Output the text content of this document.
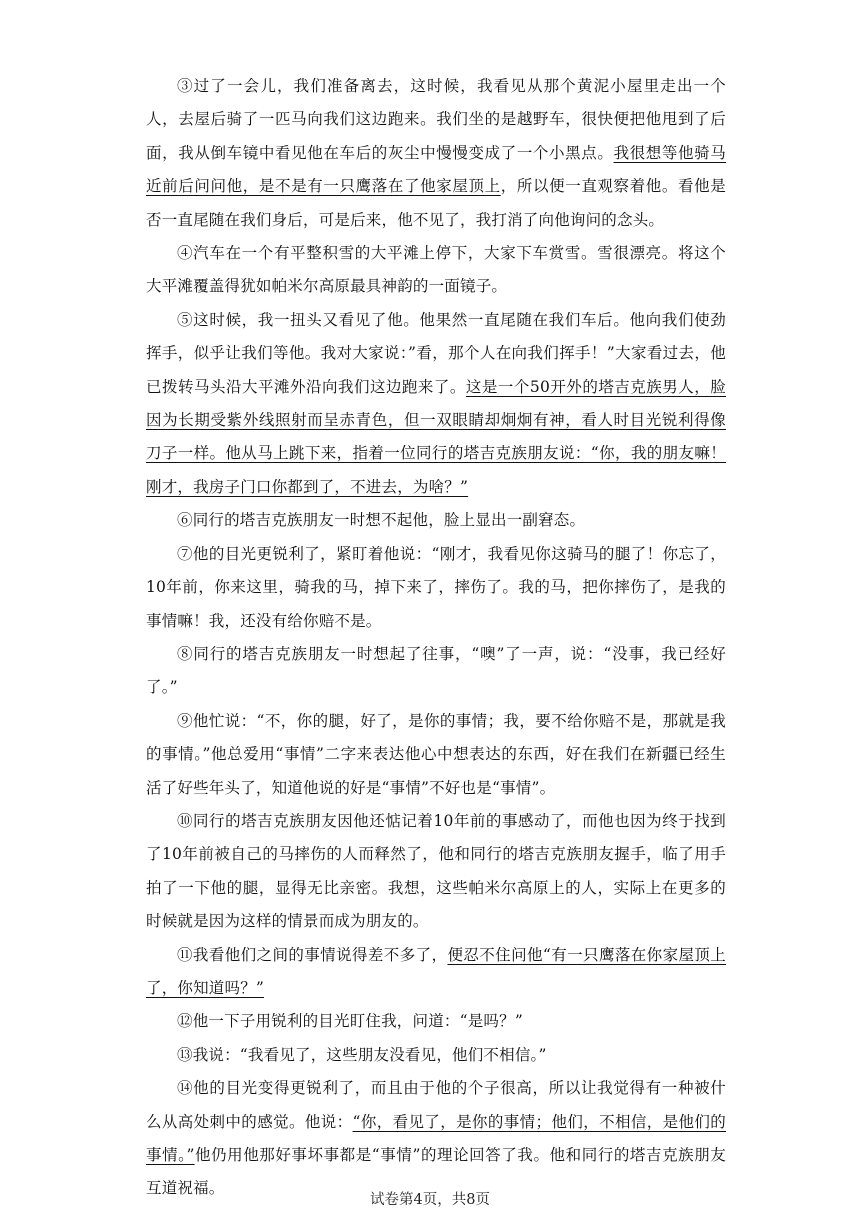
③过了一会儿，我们准备离去，这时候，我看见从那个黄泥小屋里走出一个人，去屋后骑了一匹马向我们这边跑来。我们坐的是越野车，很快便把他甩到了后面，我从倒车镜中看见他在车后的灰尘中慢慢变成了一个小黑点。我很想等他骑马近前后问问他，是不是有一只鹰落在了他家屋顶上，所以便一直观察着他。看他是否一直尾随在我们身后，可是后来，他不见了，我打消了向他询问的念头。

④汽车在一个有平整积雪的大平滩上停下，大家下车赏雪。雪很漂亮。将这个大平滩覆盖得犹如帕米尔高原最具神韵的一面镜子。

⑤这时候，我一扭头又看见了他。他果然一直尾随在我们车后。他向我们使劲挥手，似乎让我们等他。我对大家说：”看，那个人在向我们挥手！”大家看过去，他已拨转马头沿大平滩外沿向我们这边跑来了。这是一个50开外的塔吉克族男人，脸因为长期受紫外线照射而呈赤青色，但一双眼睛却炯炯有神，看人时目光锐利得像刀子一样。他从马上跳下来，指着一位同行的塔吉克族朋友说：“你，我的朋友嘛！刚才，我房子门口你都到了，不进去，为啥？”

⑥同行的塔吉克族朋友一时想不起他，脸上显出一副窘态。

⑦他的目光更锐利了，紧盯着他说：“刚才，我看见你这骑马的腿了！你忘了，10年前，你来这里，骑我的马，掉下来了，摔伤了。我的马，把你摔伤了，是我的事情嘛！我，还没有给你赔不是。

⑧同行的塔吉克族朋友一时想起了往事，“噢”了一声，说：“没事，我已经好了。”

⑨他忙说：“不，你的腿，好了，是你的事情；我，要不给你赔不是，那就是我的事情。”他总爱用“事情”二字来表达他心中想表达的东西，好在我们在新疆已经生活了好些年头了，知道他说的好是“事情”不好也是“事情”。

⑩同行的塔吉克族朋友因他还惦记着10年前的事感动了，而他也因为终于找到了10年前被自己的马摔伤的人而释然了，他和同行的塔吉克族朋友握手，临了用手拍了一下他的腿，显得无比亲密。我想，这些帕米尔高原上的人，实际上在更多的时候就是因为这样的情景而成为朋友的。

⑪我看他们之间的事情说得差不多了，便忍不住问他“有一只鹰落在你家屋顶上了，你知道吗？”

⑫他一下子用锐利的目光盯住我，问道：“是吗？”

⑬我说：“我看见了，这些朋友没看见，他们不相信。”

⑭他的目光变得更锐利了，而且由于他的个子很高，所以让我觉得有一种被什么从高处刺中的感觉。他说：“你，看见了，是你的事情；他们，不相信，是他们的事情。”他仍用他那好事坏事都是“事情”的理论回答了我。他和同行的塔吉克族朋友互道祝福。

试卷第4页，共8页
